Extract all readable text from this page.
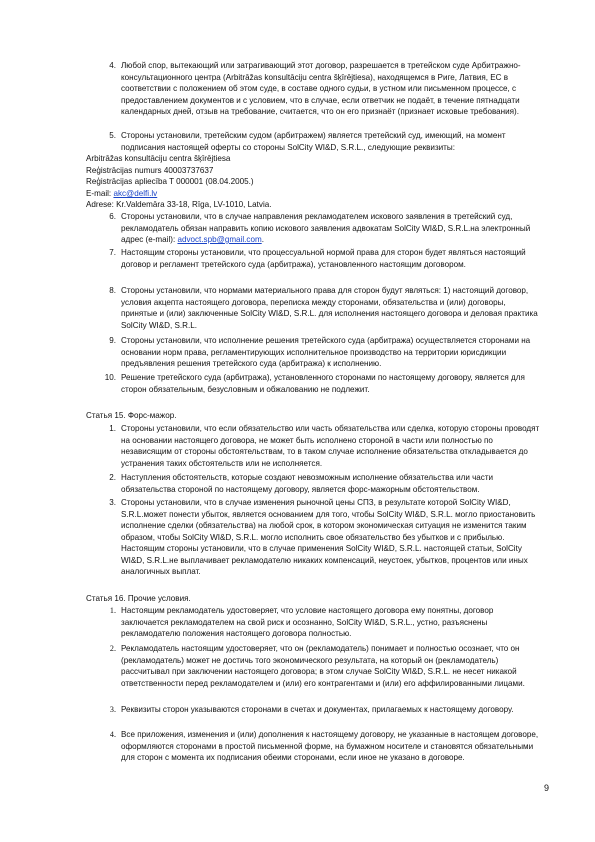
4. Любой спор, вытекающий или затрагивающий этот договор, разрешается в третейском суде Арбитражно-консультационного центра (Arbitrāžas konsultāciju centra šķīrējtiesa), находящемся в Риге, Латвия, ЕС в соответствии с положением об этом суде, в составе одного судьи, в устном или письменном процессе, с предоставлением документов и с условием, что в случае, если ответчик не подаёт, в течение пятнадцати календарных дней, отзыв на требование, считается, что он его признаёт (признает исковые требования).
5. Стороны установили, третейским судом (арбитражем) является третейский суд, имеющий, на момент подписания настоящей оферты со стороны SolCity WI&D, S.R.L., следующие реквизиты:
Arbitrāžas konsultāciju centra šķīrējtiesa
Reģistrācijas numurs 40003737637
Reģistrācijas apliecība T 000001 (08.04.2005.)
E-mail: akc@delfi.lv
Adrese: Kr.Valdemāra 33-18, Rīga, LV-1010, Latvia.
6. Стороны установили, что в случае направления рекламодателем искового заявления в третейский суд, рекламодатель обязан направить копию искового заявления адвокатам SolCity WI&D, S.R.L.на электронный адрес (e-mail): advoct.spb@gmail.com.
7. Настоящим стороны установили, что процессуальной нормой права для сторон будет являться настоящий договор и регламент третейского суда (арбитража), установленного настоящим договором.
8. Стороны установили, что нормами материального права для сторон будут являться: 1) настоящий договор, условия акцепта настоящего договора, переписка между сторонами, обязательства и (или) договоры, принятые и (или) заключенные SolCity WI&D, S.R.L. для исполнения настоящего договора и деловая практика SolCity WI&D, S.R.L.
9. Стороны установили, что исполнение решения третейского суда (арбитража) осуществляется сторонами на основании норм права, регламентирующих исполнительное производство на территории юрисдикции предъявления решения третейского суда (арбитража) к исполнению.
10. Решение третейского суда (арбитража), установленного сторонами по настоящему договору, является для сторон обязательным, безусловным и обжалованию не подлежит.
Статья 15. Форс-мажор.
1. Стороны установили, что если обязательство или часть обязательства или сделка, которую стороны проводят на основании настоящего договора, не может быть исполнено стороной в части или полностью по независящим от стороны обстоятельствам, то в таком случае исполнение обязательства откладывается до устранения таких обстоятельств или не исполняется.
2. Наступления обстоятельств, которые создают невозможным исполнение обязательства или части обязательства стороной по настоящему договору, является форс-мажорным обстоятельством.
3. Стороны установили, что в случае изменения рыночной цены СПЗ, в результате которой SolCity WI&D, S.R.L.может понести убыток, является основанием для того, чтобы SolCity WI&D, S.R.L. могло приостановить исполнение сделки (обязательства) на любой срок, в котором экономическая ситуация не изменится таким образом, чтобы SolCity WI&D, S.R.L. могло исполнить свое обязательство без убытков и с прибылью. Настоящим стороны установили, что в случае применения SolCity WI&D, S.R.L. настоящей статьи, SolCity WI&D, S.R.L.не выплачивает рекламодателю никаких компенсаций, неустоек, убытков, процентов или иных аналогичных выплат.
Статья 16. Прочие условия.
1. Настоящим рекламодатель удостоверяет, что условие настоящего договора ему понятны, договор заключается рекламодателем на свой риск и осознанно, SolCity WI&D, S.R.L., устно, разъяснены рекламодателю положения настоящего договора полностью.
2. Рекламодатель настоящим удостоверяет, что он (рекламодатель) понимает и полностью осознает, что он (рекламодатель) может не достичь того экономического результата, на который он (рекламодатель) рассчитывал при заключении настоящего договора; в этом случае SolCity WI&D, S.R.L. не несет никакой ответственности перед рекламодателем и (или) его контрагентами и (или) его аффилированными лицами.
3. Реквизиты сторон указываются сторонами в счетах и документах, прилагаемых к настоящему договору.
4. Все приложения, изменения и (или) дополнения к настоящему договору, не указанные в настоящем договоре, оформляются сторонами в простой письменной форме, на бумажном носителе и становятся обязательными для сторон с момента их подписания обеими сторонами, если иное не указано в договоре.
9
